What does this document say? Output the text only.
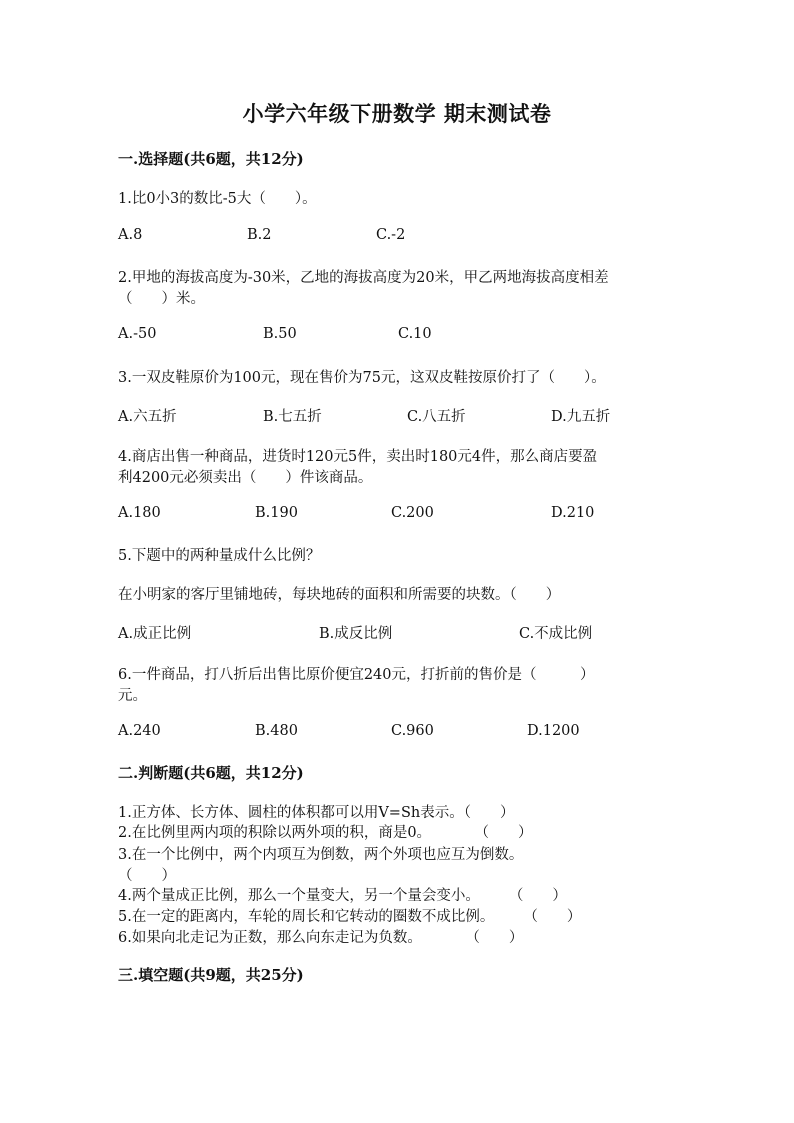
小学六年级下册数学 期末测试卷
一.选择题(共6题，共12分)
1.比0小3的数比-5大（　　）。
A.8	B.2	C.-2
2.甲地的海拔高度为-30米，乙地的海拔高度为20米，甲乙两地海拔高度相差
（　　）米。
A.-50	B.50	C.10
3.一双皮鞋原价为100元，现在售价为75元，这双皮鞋按原价打了（　　）。
A.六五折	B.七五折	C.八五折	D.九五折
4.商店出售一种商品，进货时120元5件，卖出时180元4件，那么商店要盈
利4200元必须卖出（　　）件该商品。
A.180	B.190	C.200	D.210
5.下题中的两种量成什么比例？
在小明家的客厅里铺地砖，每块地砖的面积和所需要的块数。（　　）
A.成正比例	B.成反比例	C.不成比例
6.一件商品，打八折后出售比原价便宜240元，打折前的售价是（　　　）
元。
A.240	B.480	C.960	D.1200
二.判断题(共6题，共12分)
1.正方体、长方体、圆柱的体积都可以用V=Sh表示。（　　）
2.在比例里两内项的积除以两外项的积，商是0。　　　　（　　）
3.在一个比例中，两个内项互为倒数，两个外项也应互为倒数。
（　　）
4.两个量成正比例，那么一个量变大，另一个量会变小。　　　（　　）
5.在一定的距离内，车轮的周长和它转动的圈数不成比例。　　　（　　）
6.如果向北走记为正数，那么向东走记为负数。　　　　（　　）
三.填空题(共9题，共25分)
